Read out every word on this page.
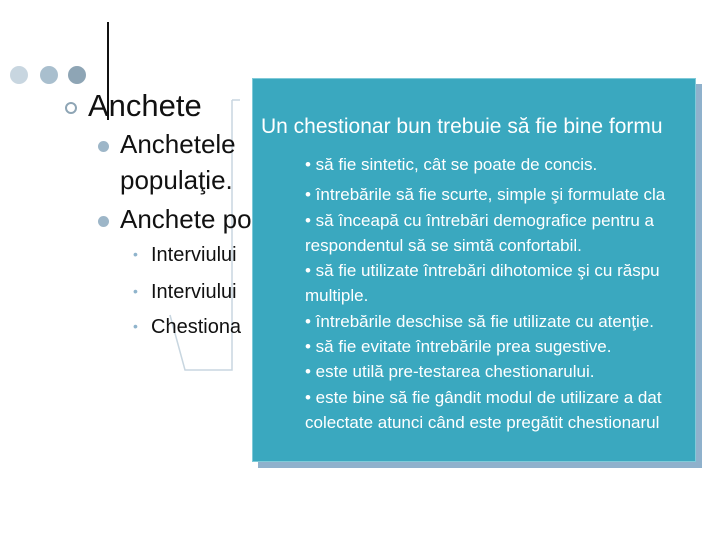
Anchete
Anchetele
populaţie.
Anchete po
• Interviului
• Interviului
• Chestiona
Un chestionar bun trebuie să fie bine formu
• să fie sintetic, cât se poate de concis.
• întrebările să fie scurte, simple şi formulate cla
• să înceapă cu întrebări demografice pentru a
respondentul să se simtă confortabil.
• să fie utilizate întrebări dihotomice şi cu răspu
multiple.
• întrebările deschise să fie utilizate cu atenţie.
• să fie evitate întrebările prea sugestive.
• este utilă pre-testarea chestionarului.
• este bine să fie gândit modul de utilizare a dat
colectate atunci când este pregătit chestionarul
